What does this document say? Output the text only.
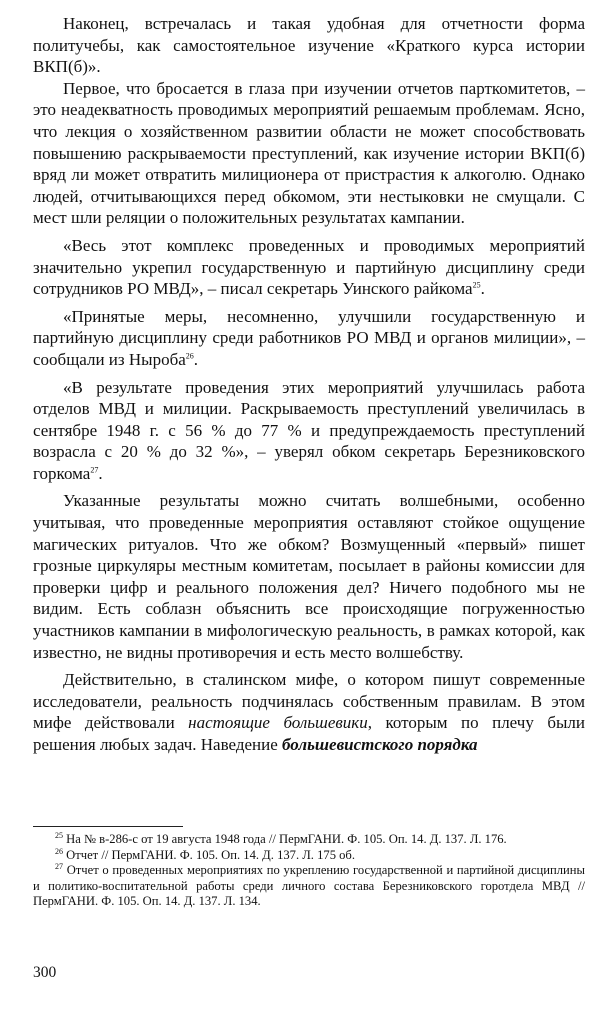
Наконец, встречалась и такая удобная для отчетности форма политучебы, как самостоятельное изучение «Краткого курса истории ВКП(б)».

Первое, что бросается в глаза при изучении отчетов парткомитетов, – это неадекватность проводимых мероприятий решаемым проблемам. Ясно, что лекция о хозяйственном развитии области не может способствовать повышению раскрываемости преступлений, как изучение истории ВКП(б) вряд ли может отвратить милиционера от пристрастия к алкоголю. Однако людей, отчитывающихся перед обкомом, эти нестыковки не смущали. С мест шли реляции о положительных результатах кампании.

«Весь этот комплекс проведенных и проводимых мероприятий значительно укрепил государственную и партийную дисциплину среди сотрудников РО МВД», – писал секретарь Уинского райкома$^{25}$.

«Принятые меры, несомненно, улучшили государственную и партийную дисциплину среди работников РО МВД и органов милиции», – сообщали из Ныроба$^{26}$.

«В результате проведения этих мероприятий улучшилась работа отделов МВД и милиции. Раскрываемость преступлений увеличилась в сентябре 1948 г. с 56 % до 77 % и предупреждаемость преступлений возрасла с 20 % до 32 %», – уверял обком секретарь Березниковского горкома$^{27}$.

Указанные результаты можно считать волшебными, особенно учитывая, что проведенные мероприятия оставляют стойкое ощущение магических ритуалов. Что же обком? Возмущенный «первый» пишет грозные циркуляры местным комитетам, посылает в районы комиссии для проверки цифр и реального положения дел? Ничего подобного мы не видим. Есть соблазн объяснить все происходящие погруженностью участников кампании в мифологическую реальность, в рамках которой, как известно, не видны противоречия и есть место волшебству.

Действительно, в сталинском мифе, о котором пишут современные исследователи, реальность подчинялась собственным правилам. В этом мифе действовали настоящие большевики, которым по плечу были решения любых задач. Наведение большевистского порядка

$^{25}$ На № в-286-с от 19 августа 1948 года // ПермГАНИ. Ф. 105. Оп. 14. Д. 137. Л. 176.

$^{26}$ Отчет // ПермГАНИ. Ф. 105. Оп. 14. Д. 137. Л. 175 об.

$^{27}$ Отчет о проведенных мероприятиях по укреплению государственной и партийной дисциплины и политико-воспитательной работы среди личного состава Березниковского горотдела МВД // ПермГАНИ. Ф. 105. Оп. 14. Д. 137. Л. 134.

300
